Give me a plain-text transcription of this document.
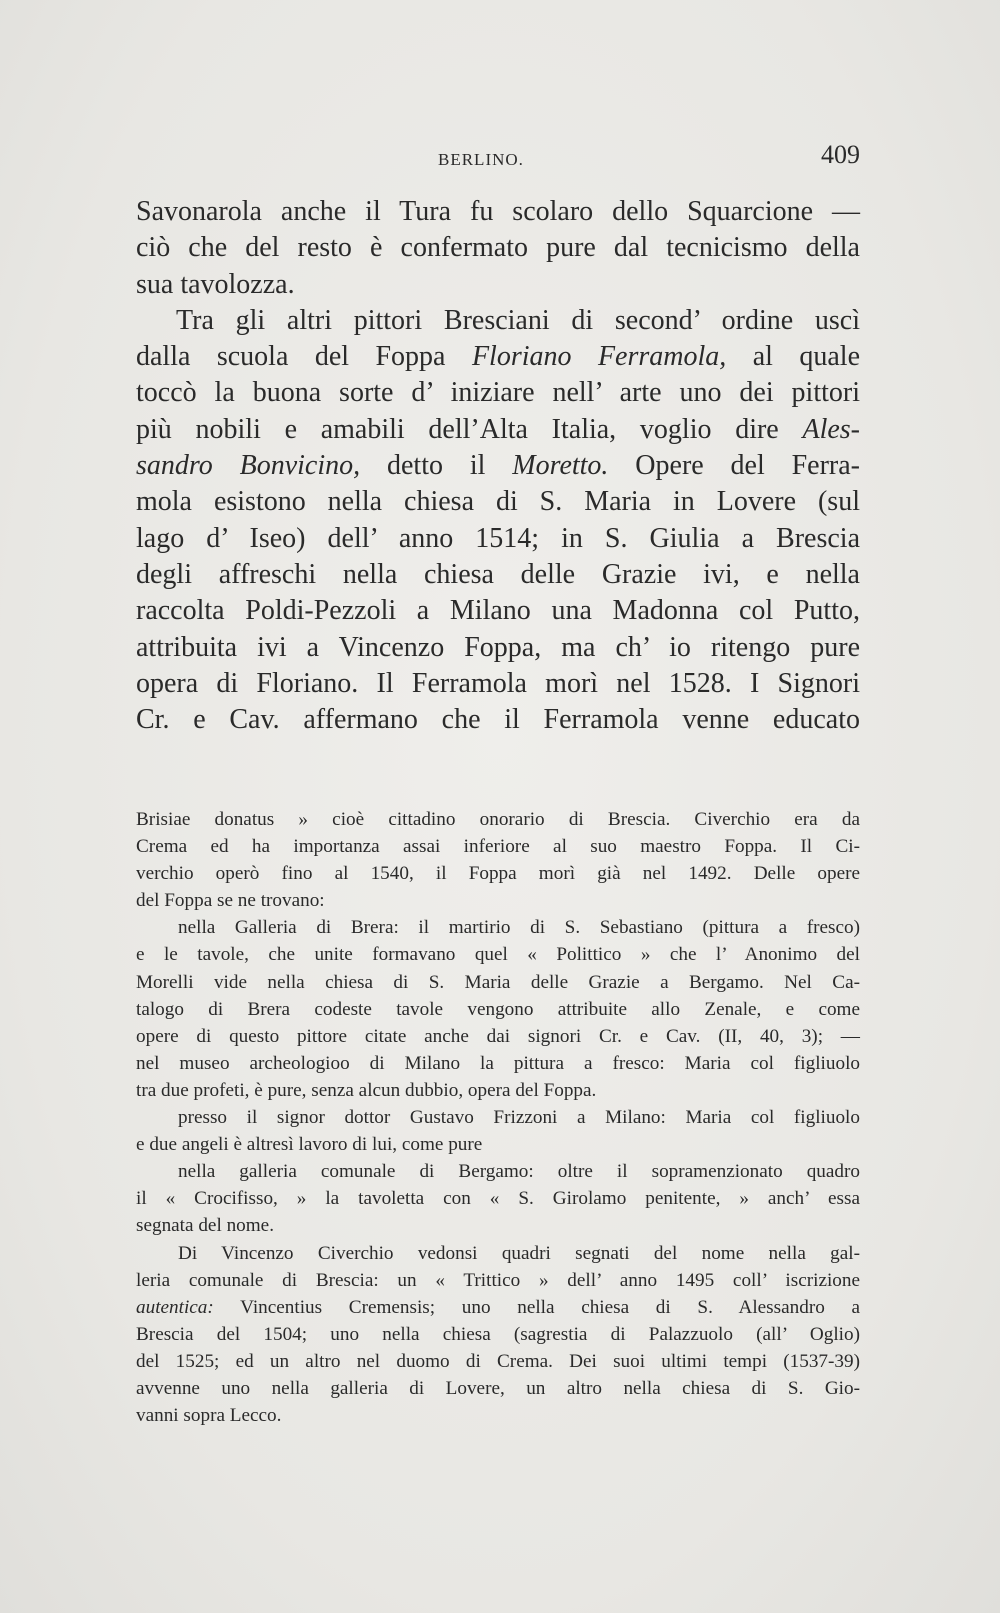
BERLINO.	409

Savonarola anche il Tura fu scolaro dello Squarcione —
ciò che del resto è confermato pure dal tecnicismo della
sua tavolozza.

Tra gli altri pittori Bresciani di second’ ordine uscì
dalla scuola del Foppa Floriano Ferramola, al quale
toccò la buona sorte d’ iniziare nell’ arte uno dei pittori
più nobili e amabili dell’Alta Italia, voglio dire Ales-
sandro Bonvicino, detto il Moretto. Opere del Ferra-
mola esistono nella chiesa di S. Maria in Lovere (sul
lago d’ Iseo) dell’ anno 1514; in S. Giulia a Brescia
degli affreschi nella chiesa delle Grazie ivi, e nella
raccolta Poldi-Pezzoli a Milano una Madonna col Putto,
attribuita ivi a Vincenzo Foppa, ma ch’ io ritengo pure
opera di Floriano. Il Ferramola morì nel 1528. I Signori
Cr. e Cav. affermano che il Ferramola venne educato

Brisiae donatus » cioè cittadino onorario di Brescia. Civerchio era da
Crema ed ha importanza assai inferiore al suo maestro Foppa. Il Ci-
verchio operò fino al 1540, il Foppa morì già nel 1492. Delle opere
del Foppa se ne trovano:

nella Galleria di Brera: il martirio di S. Sebastiano (pittura a fresco)
e le tavole, che unite formavano quel « Polittico » che l’ Anonimo del
Morelli vide nella chiesa di S. Maria delle Grazie a Bergamo. Nel Ca-
talogo di Brera codeste tavole vengono attribuite allo Zenale, e come
opere di questo pittore citate anche dai signori Cr. e Cav. (II, 40, 3); —
nel museo archeologioo di Milano la pittura a fresco: Maria col figliuolo
tra due profeti, è pure, senza alcun dubbio, opera del Foppa.

presso il signor dottor Gustavo Frizzoni a Milano: Maria col figliuolo
e due angeli è altresì lavoro di lui, come pure

nella galleria comunale di Bergamo: oltre il sopramenzionato quadro
il « Crocifisso, » la tavoletta con « S. Girolamo penitente, » anch’ essa
segnata del nome.

Di Vincenzo Civerchio vedonsi quadri segnati del nome nella gal-
leria comunale di Brescia: un « Trittico » dell’ anno 1495 coll’ iscrizione
autentica: Vincentius Cremensis; uno nella chiesa di S. Alessandro a
Brescia del 1504; uno nella chiesa (sagrestia di Palazzuolo (all’ Oglio)
del 1525; ed un altro nel duomo di Crema. Dei suoi ultimi tempi (1537-39)
avvenne uno nella galleria di Lovere, un altro nella chiesa di S. Gio-
vanni sopra Lecco.
